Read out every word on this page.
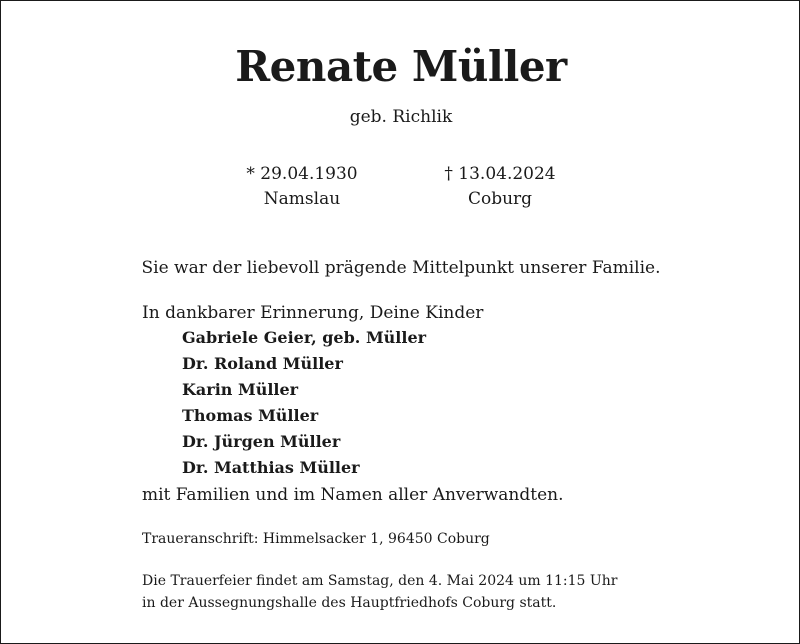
Renate Müller
geb. Richlik
* 29.04.1930
Namslau
† 13.04.2024
Coburg
Sie war der liebevoll prägende Mittelpunkt unserer Familie.
In dankbarer Erinnerung, Deine Kinder
Gabriele Geier, geb. Müller
Dr. Roland Müller
Karin Müller
Thomas Müller
Dr. Jürgen Müller
Dr. Matthias Müller
mit Familien und im Namen aller Anverwandten.
Traueranschrift: Himmelsacker 1, 96450 Coburg
Die Trauerfeier findet am Samstag, den 4. Mai 2024 um 11:15 Uhr
in der Aussegnungshalle des Hauptfriedhofs Coburg statt.
